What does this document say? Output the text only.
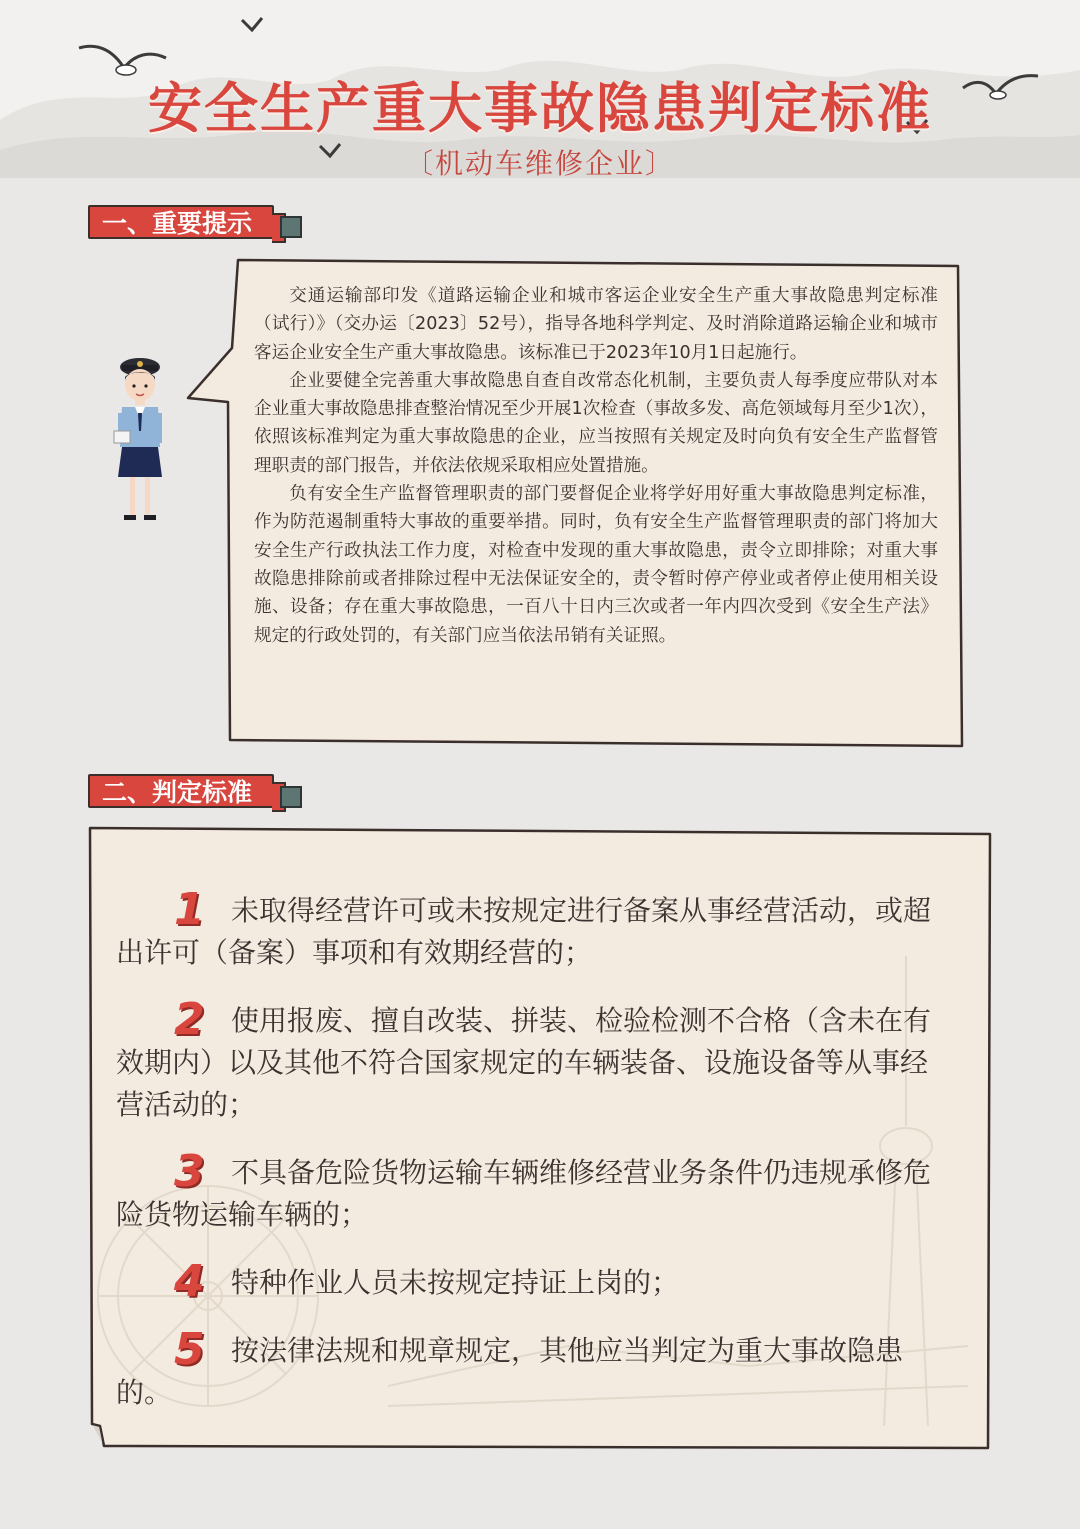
安全生产重大事故隐患判定标准
〔机动车维修企业〕
一、重要提示

交通运输部印发《道路运输企业和城市客运企业安全生产重大事故隐患判定标准（试行）》（交办运〔2023〕52号），指导各地科学判定、及时消除道路运输企业和城市客运企业安全生产重大事故隐患。该标准已于2023年10月1日起施行。

企业要健全完善重大事故隐患自查自改常态化机制，主要负责人每季度应带队对本企业重大事故隐患排查整治情况至少开展1次检查（事故多发、高危领域每月至少1次），依照该标准判定为重大事故隐患的企业，应当按照有关规定及时向负有安全生产监督管理职责的部门报告，并依法依规采取相应处置措施。

负有安全生产监督管理职责的部门要督促企业将学好用好重大事故隐患判定标准，作为防范遏制重特大事故的重要举措。同时，负有安全生产监督管理职责的部门将加大安全生产行政执法工作力度，对检查中发现的重大事故隐患，责令立即排除；对重大事故隐患排除前或者排除过程中无法保证安全的，责令暂时停产停业或者停止使用相关设施、设备；存在重大事故隐患，一百八十日内三次或者一年内四次受到《安全生产法》规定的行政处罚的，有关部门应当依法吊销有关证照。

二、判定标准
1 未取得经营许可或未按规定进行备案从事经营活动，或超出许可（备案）事项和有效期经营的；
2 使用报废、擅自改装、拼装、检验检测不合格（含未在有效期内）以及其他不符合国家规定的车辆装备、设施设备等从事经营活动的；
3 不具备危险货物运输车辆维修经营业务条件仍违规承修危险货物运输车辆的；
4 特种作业人员未按规定持证上岗的；
5 按法律法规和规章规定，其他应当判定为重大事故隐患的。
